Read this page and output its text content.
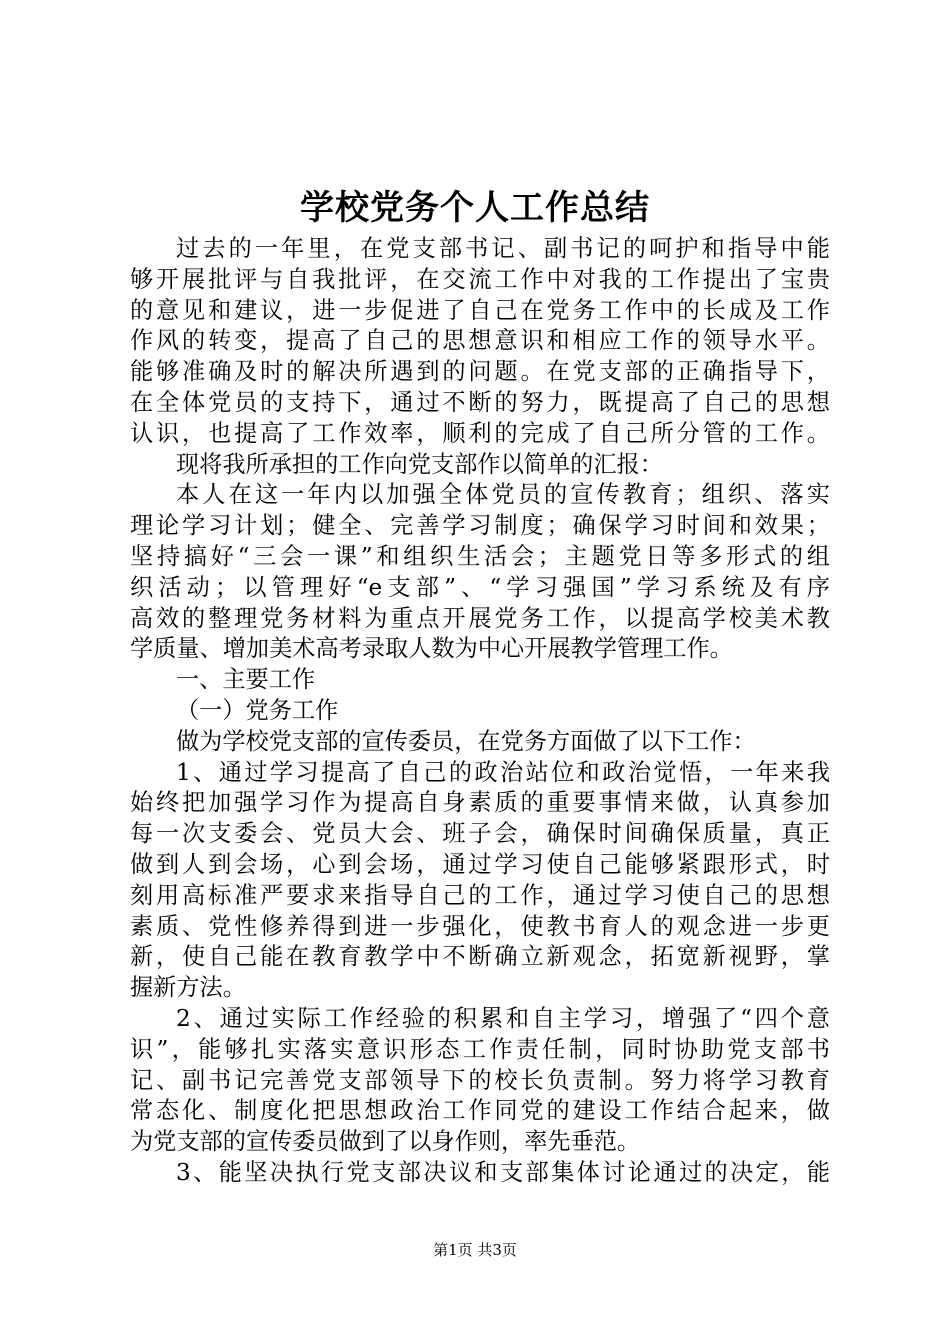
学校党务个人工作总结
过去的一年里，在党支部书记、副书记的呵护和指导中能
够开展批评与自我批评，在交流工作中对我的工作提出了宝贵
的意见和建议，进一步促进了自己在党务工作中的长成及工作
作风的转变，提高了自己的思想意识和相应工作的领导水平。
能够准确及时的解决所遇到的问题。在党支部的正确指导下，
在全体党员的支持下，通过不断的努力，既提高了自己的思想
认识，也提高了工作效率，顺利的完成了自己所分管的工作。
现将我所承担的工作向党支部作以简单的汇报：
本人在这一年内以加强全体党员的宣传教育；组织、落实
理论学习计划；健全、完善学习制度；确保学习时间和效果；
坚持搞好“三会一课”和组织生活会；主题党日等多形式的组
织活动；以管理好“e支部”、“学习强国”学习系统及有序
高效的整理党务材料为重点开展党务工作，以提高学校美术教
学质量、增加美术高考录取人数为中心开展教学管理工作。
一、主要工作
（一）党务工作
做为学校党支部的宣传委员，在党务方面做了以下工作：
1、通过学习提高了自己的政治站位和政治觉悟，一年来我
始终把加强学习作为提高自身素质的重要事情来做，认真参加
每一次支委会、党员大会、班子会，确保时间确保质量，真正
做到人到会场，心到会场，通过学习使自己能够紧跟形式，时
刻用高标准严要求来指导自己的工作，通过学习使自己的思想
素质、党性修养得到进一步强化，使教书育人的观念进一步更
新，使自己能在教育教学中不断确立新观念，拓宽新视野，掌
握新方法。
2、通过实际工作经验的积累和自主学习，增强了“四个意
识”，能够扎实落实意识形态工作责任制，同时协助党支部书
记、副书记完善党支部领导下的校长负责制。努力将学习教育
常态化、制度化把思想政治工作同党的建设工作结合起来，做
为党支部的宣传委员做到了以身作则，率先垂范。
3、能坚决执行党支部决议和支部集体讨论通过的决定，能
第1页 共3页
